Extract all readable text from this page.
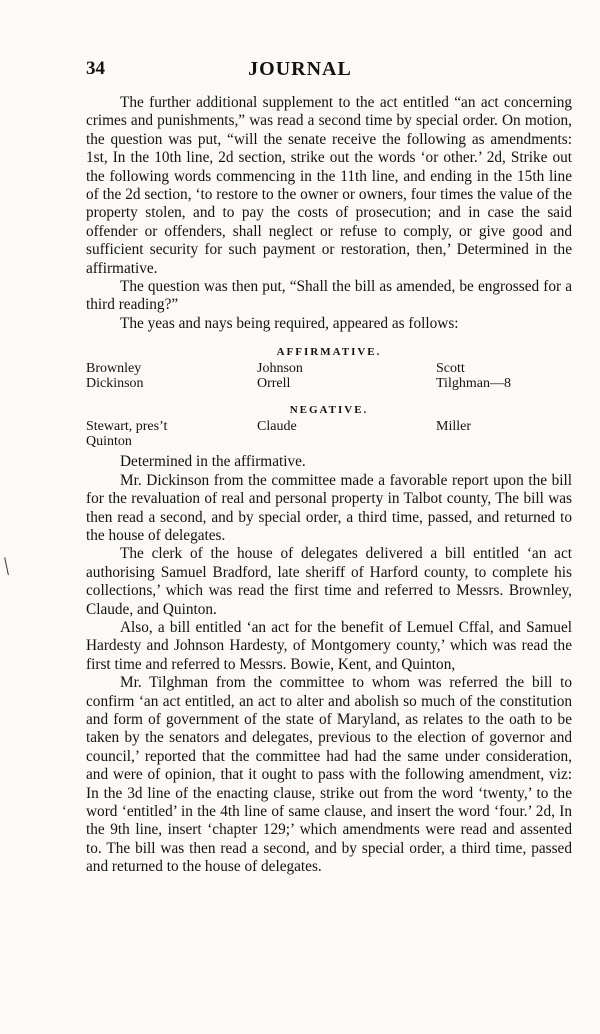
34	JOURNAL

The further additional supplement to the act entitled “an act concerning crimes and punishments,” was read a second time by special order. On motion, the question was put, “will the senate receive the following as amendments: 1st, In the 10th line, 2d section, strike out the words ‘or other.’ 2d, Strike out the following words commencing in the 11th line, and ending in the 15th line of the 2d section, ‘to restore to the owner or owners, four times the value of the property stolen, and to pay the costs of prosecution; and in case the said offender or offenders, shall neglect or refuse to comply, or give good and sufficient security for such payment or restoration, then,’ Determined in the affirmative.

The question was then put, “Shall the bill as amended, be engrossed for a third reading?”

The yeas and nays being required, appeared as follows:

AFFIRMATIVE.
Brownley	Johnson	Scott
Dickinson	Orrell	Tilghman—8
NEGATIVE.
Stewart, pres’t	Claude	Miller
Quinton

Determined in the affirmative.

Mr. Dickinson from the committee made a favorable report upon the bill for the revaluation of real and personal property in Talbot county, The bill was then read a second, and by special order, a third time, passed, and returned to the house of delegates.

The clerk of the house of delegates delivered a bill entitled ‘an act authorising Samuel Bradford, late sheriff of Harford county, to complete his collections,’ which was read the first time and referred to Messrs. Brownley, Claude, and Quinton.

Also, a bill entitled ‘an act for the benefit of Lemuel Cffal, and Samuel Hardesty and Johnson Hardesty, of Montgomery county,’ which was read the first time and referred to Messrs. Bowie, Kent, and Quinton,

Mr. Tilghman from the committee to whom was referred the bill to confirm ‘an act entitled, an act to alter and abolish so much of the constitution and form of government of the state of Maryland, as relates to the oath to be taken by the senators and delegates, previous to the election of governor and council,’ reported that the committee had had the same under consideration, and were of opinion, that it ought to pass with the following amendment, viz: In the 3d line of the enacting clause, strike out from the word ‘twenty,’ to the word ‘entitled’ in the 4th line of same clause, and insert the word ‘four.’ 2d, In the 9th line, insert ‘chapter 129;’ which amendments were read and assented to. The bill was then read a second, and by special order, a third time, passed and returned to the house of delegates.
